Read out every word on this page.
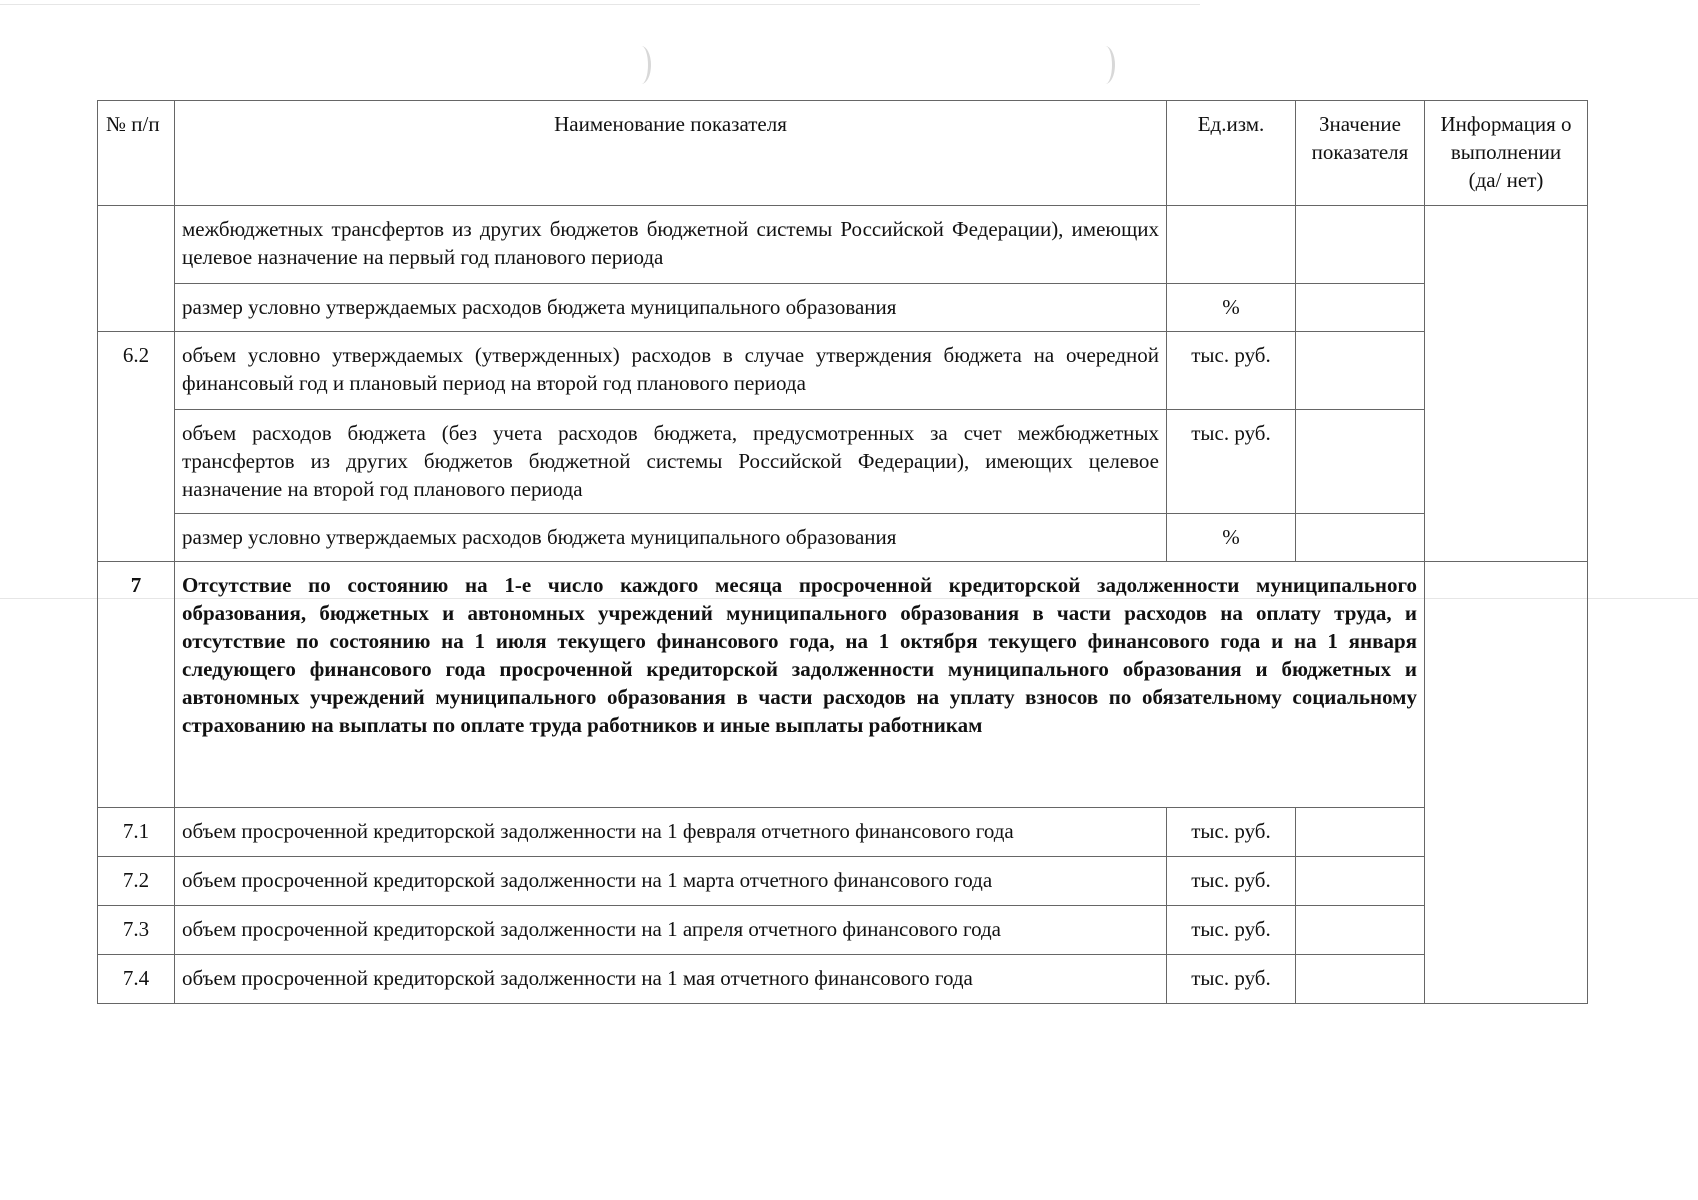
№ п/п	Наименование показателя	Ед.изм.	Значение показателя	Информация о выполнении (да/ нет)
	межбюджетных трансфертов из других бюджетов бюджетной системы Российской Федерации), имеющих целевое назначение на первый год планового периода			
	размер условно утверждаемых расходов бюджета муниципального образования	%		
6.2	объем условно утверждаемых (утвержденных) расходов в случае утверждения бюджета на очередной финансовый год и плановый период на второй год планового периода	тыс. руб.		
	объем расходов бюджета (без учета расходов бюджета, предусмотренных за счет межбюджетных трансфертов из других бюджетов бюджетной системы Российской Федерации), имеющих целевое назначение на второй год планового периода	тыс. руб.		
	размер условно утверждаемых расходов бюджета муниципального образования	%		
7	Отсутствие по состоянию на 1-е число каждого месяца просроченной кредиторской задолженности муниципального образования, бюджетных и автономных учреждений муниципального образования в части расходов на оплату труда, и отсутствие по состоянию на 1 июля текущего финансового года, на 1 октября текущего финансового года и на 1 января следующего финансового года просроченной кредиторской задолженности муниципального образования и бюджетных и автономных учреждений муниципального образования в части расходов на уплату взносов по обязательному социальному страхованию на выплаты по оплате труда работников и иные выплаты работникам			
7.1	объем просроченной кредиторской задолженности на 1 февраля отчетного финансового года	тыс. руб.		
7.2	объем просроченной кредиторской задолженности на 1 марта отчетного финансового года	тыс. руб.		
7.3	объем просроченной кредиторской задолженности на 1 апреля отчетного финансового года	тыс. руб.		
7.4	объем просроченной кредиторской задолженности на 1 мая отчетного финансового года	тыс. руб.		
